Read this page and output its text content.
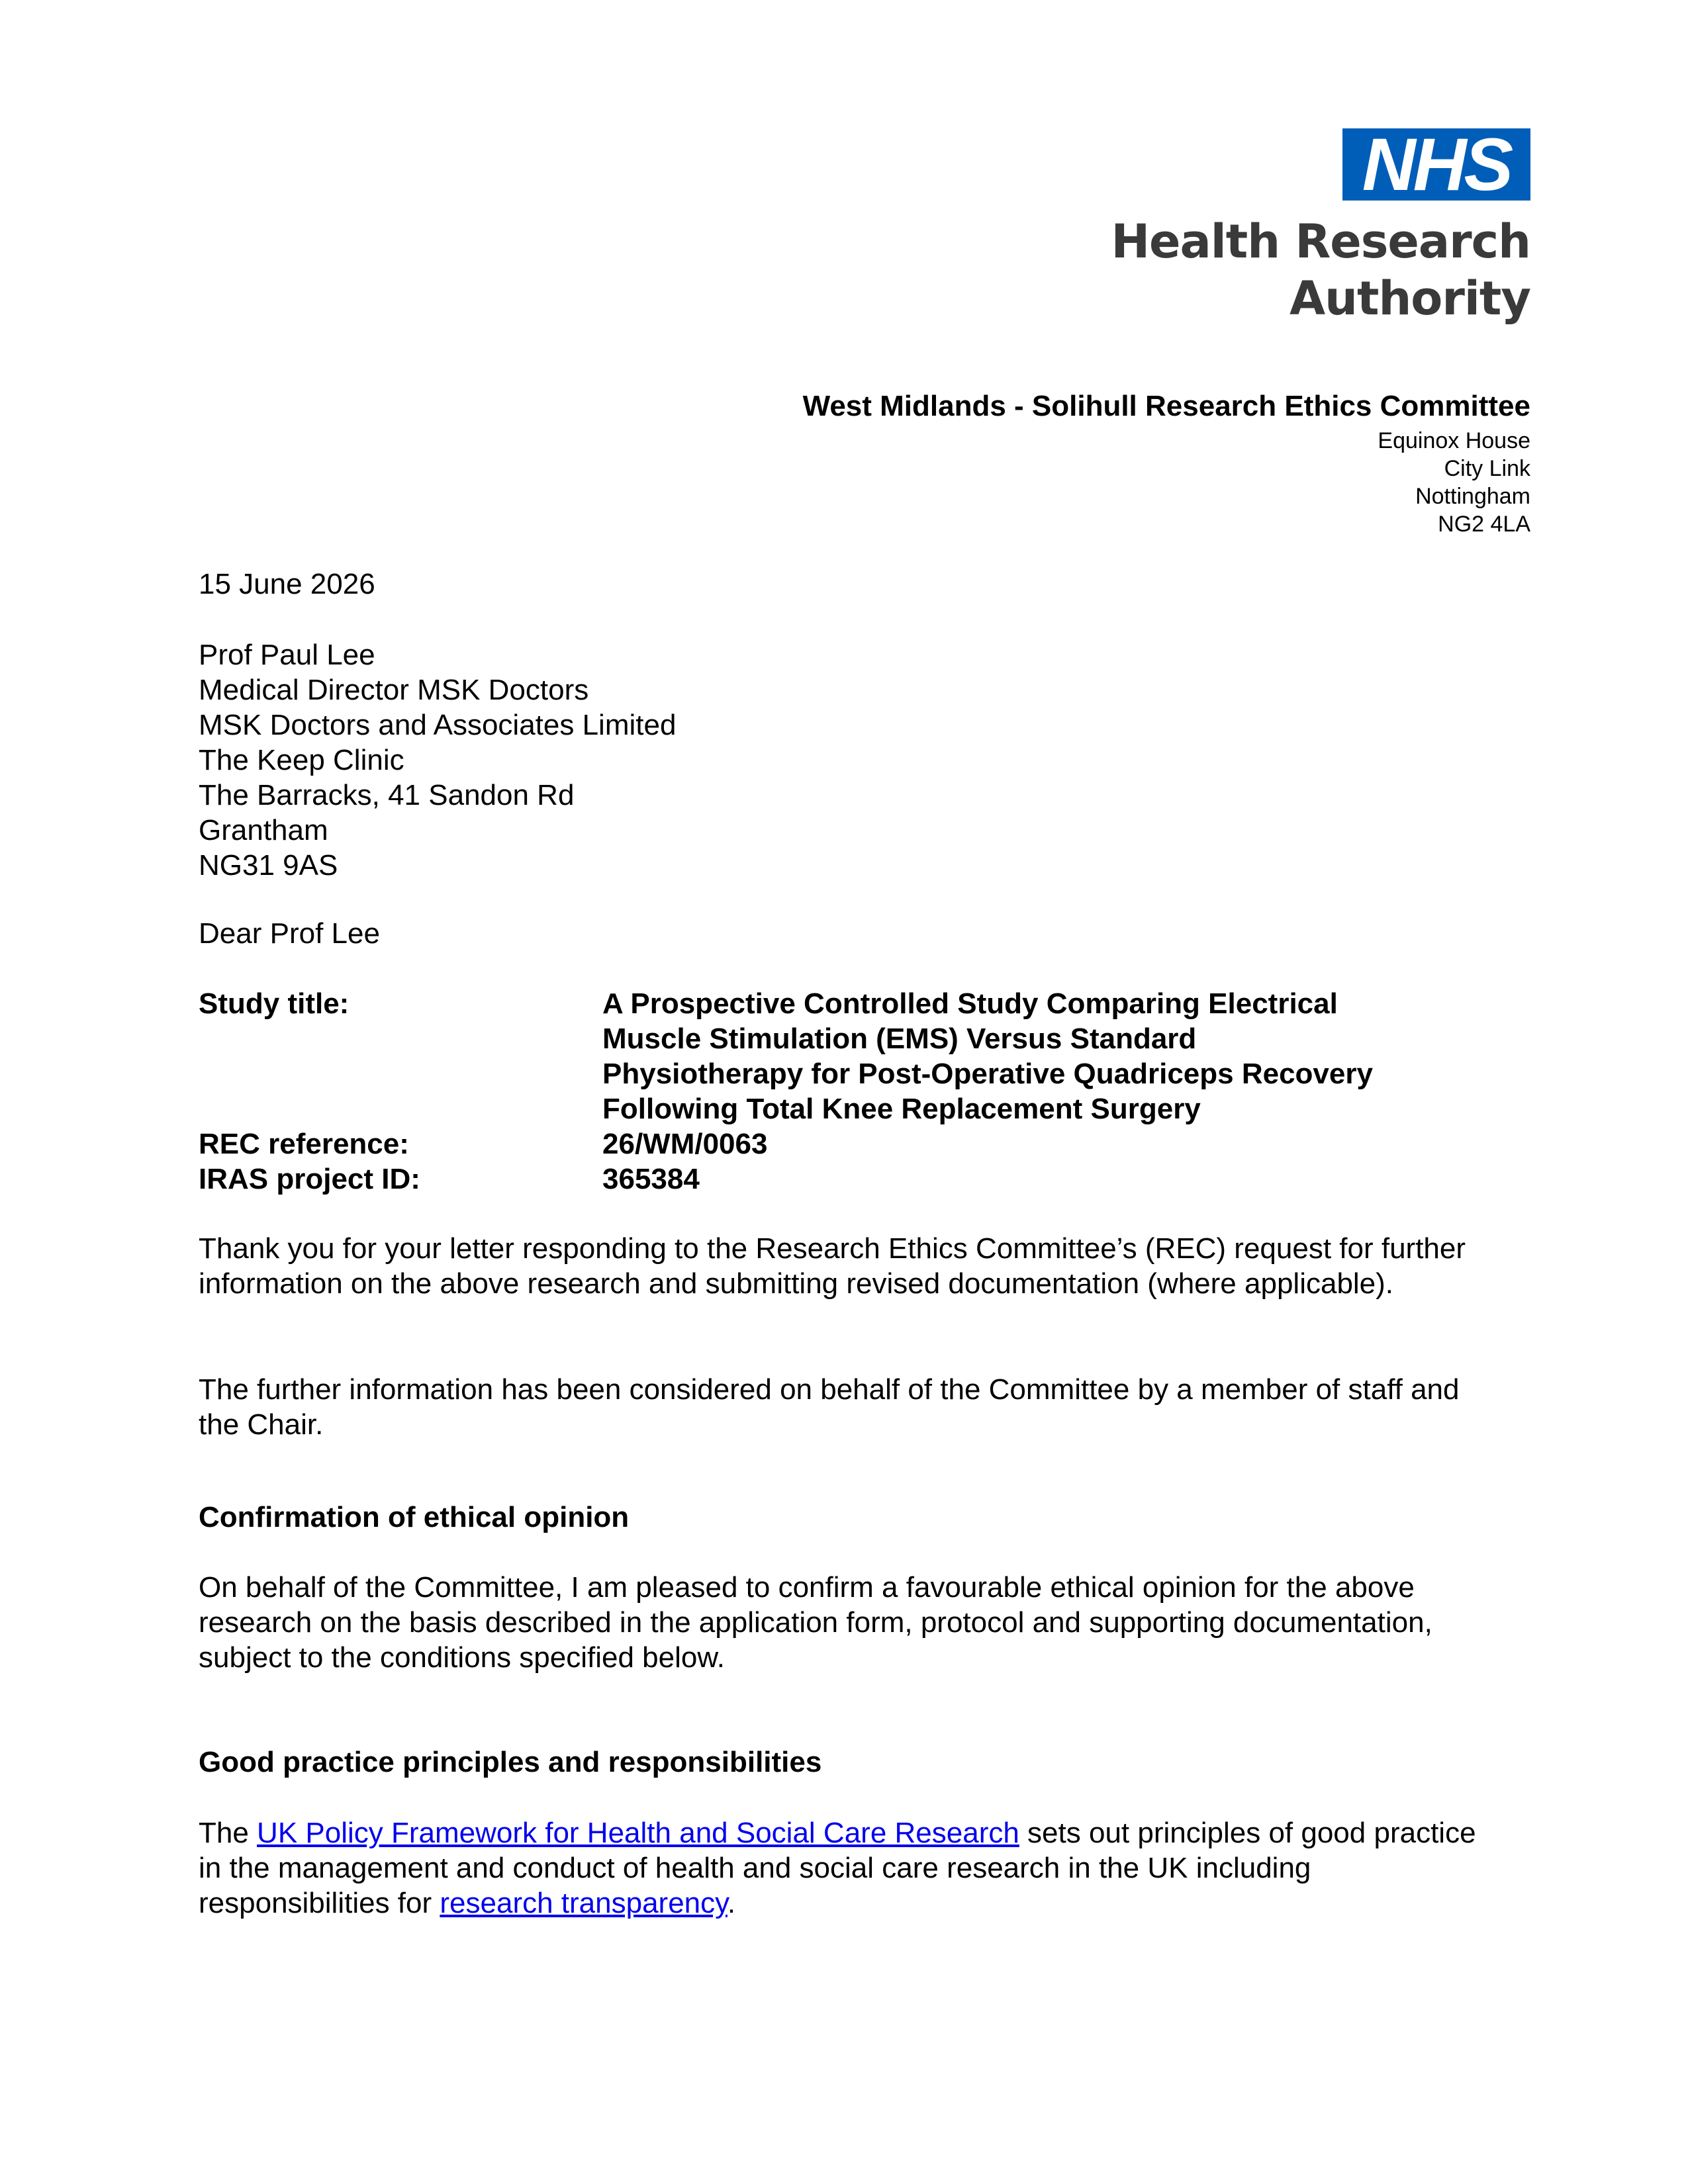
NHS
Health Research
Authority
West Midlands - Solihull Research Ethics Committee
Equinox House
City Link
Nottingham
NG2 4LA
15 June 2026
Prof Paul Lee
Medical Director MSK Doctors
MSK Doctors and Associates Limited
The Keep Clinic
The Barracks, 41 Sandon Rd
Grantham
NG31 9AS
Dear Prof Lee
Study title:	A Prospective Controlled Study Comparing Electrical
Muscle Stimulation (EMS) Versus Standard
Physiotherapy for Post-Operative Quadriceps Recovery
Following Total Knee Replacement Surgery
REC reference:	26/WM/0063
IRAS project ID:	365384
Thank you for your letter responding to the Research Ethics Committee’s (REC) request for further information on the above research and submitting revised documentation (where applicable).
The further information has been considered on behalf of the Committee by a member of staff and the Chair.
Confirmation of ethical opinion
On behalf of the Committee, I am pleased to confirm a favourable ethical opinion for the above research on the basis described in the application form, protocol and supporting documentation, subject to the conditions specified below.
Good practice principles and responsibilities
The UK Policy Framework for Health and Social Care Research sets out principles of good practice in the management and conduct of health and social care research in the UK including responsibilities for research transparency.
